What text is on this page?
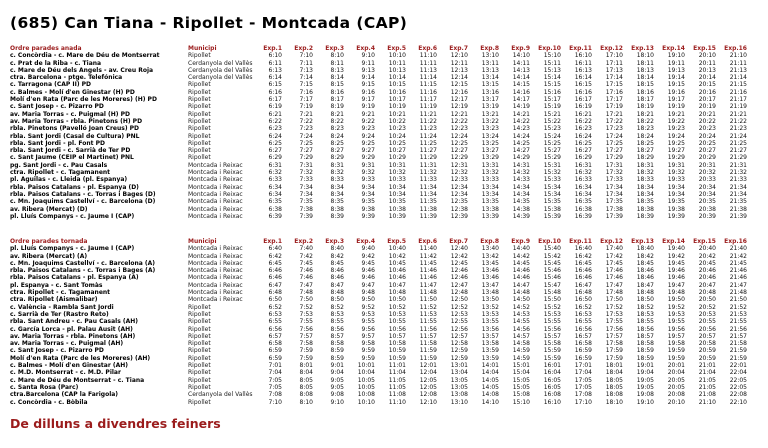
(685) Can Tiana - Ripollet - Montcada (CAP)
Ordre parades anada	Municipi	Exp.1	Exp.2	Exp.3	Exp.4	Exp.5	Exp.6	Exp.7	Exp.8	Exp.9	Exp.10	Exp.11	Exp.12	Exp.13	Exp.14	Exp.15	Exp.16
c. Concòrdia - c. Mare de Déu de Montserrat	Ripollet	6:10	7:10	8:10	9:10	10:10	11:10	12:10	13:10	14:10	15:10	16:10	17:10	18:10	19:10	20:10	21:10
c. Prat de la Riba - c. Tiana	Cerdanyola del Vallès	6:11	7:11	8:11	9:11	10:11	11:11	12:11	13:11	14:11	15:11	16:11	17:11	18:11	19:11	20:11	21:11
c. Mare de Déu dels Àngels - av. Creu Roja	Cerdanyola del Vallès	6:13	7:13	8:13	9:13	10:13	11:13	12:13	13:13	14:13	15:13	16:13	17:13	18:13	19:13	20:13	21:13
ctra. Barcelona - ptge. Telefónica	Cerdanyola del Vallès	6:14	7:14	8:14	9:14	10:14	11:14	12:14	13:14	14:14	15:14	16:14	17:14	18:14	19:14	20:14	21:14
c. Tarragona (CAP II) PD	Ripollet	6:15	7:15	8:15	9:15	10:15	11:15	12:15	13:15	14:15	15:15	16:15	17:15	18:15	19:15	20:15	21:15
c. Balmes - Molí d'en Ginestar (H) PD	Ripollet	6:16	7:16	8:16	9:16	10:16	11:16	12:16	13:16	14:16	15:16	16:16	17:16	18:16	19:16	20:16	21:16
Molí d'en Rata (Parc de les Moreres) (H) PD	Ripollet	6:17	7:17	8:17	9:17	10:17	11:17	12:17	13:17	14:17	15:17	16:17	17:17	18:17	19:17	20:17	21:17
c. Sant Josep - c. Pizarro PD	Ripollet	6:19	7:19	8:19	9:19	10:19	11:19	12:19	13:19	14:19	15:19	16:19	17:19	18:19	19:19	20:19	21:19
av. Maria Torras - c. Puigmal (H) PD	Ripollet	6:21	7:21	8:21	9:21	10:21	11:21	12:21	13:21	14:21	15:21	16:21	17:21	18:21	19:21	20:21	21:21
av. Maria Torras - rbla. Pinetons (H) PD	Ripollet	6:22	7:22	8:22	9:22	10:22	11:22	12:22	13:22	14:22	15:22	16:22	17:22	18:22	19:22	20:22	21:22
rbla. Pinetons (Pavelló Joan Creus) PD	Ripollet	6:23	7:23	8:23	9:23	10:23	11:23	12:23	13:23	14:23	15:23	16:23	17:23	18:23	19:23	20:23	21:23
rbla. Sant Jordi (Casal de Cultura) PNL	Ripollet	6:24	7:24	8:24	9:24	10:24	11:24	12:24	13:24	14:24	15:24	16:24	17:24	18:24	19:24	20:24	21:24
rbla. Sant Jordi - pl. Font PD	Ripollet	6:25	7:25	8:25	9:25	10:25	11:25	12:25	13:25	14:25	15:25	16:25	17:25	18:25	19:25	20:25	21:25
rbla. Sant Jordi - c. Sarrià de Ter PD	Ripollet	6:27	7:27	8:27	9:27	10:27	11:27	12:27	13:27	14:27	15:27	16:27	17:27	18:27	19:27	20:27	21:27
c. Sant Jaume (CEIP el Martinet) PNL	Ripollet	6:29	7:29	8:29	9:29	10:29	11:29	12:29	13:29	14:29	15:29	16:29	17:29	18:29	19:29	20:29	21:29
pg. Sant Jordi - c. Pau Casals	Montcada i Reixac	6:31	7:31	8:31	9:31	10:31	11:31	12:31	13:31	14:31	15:31	16:31	17:31	18:31	19:31	20:31	21:31
ctra. Ripollet - c. Tagamanent	Montcada i Reixac	6:32	7:32	8:32	9:32	10:32	11:32	12:32	13:32	14:32	15:32	16:32	17:32	18:32	19:32	20:32	21:32
pl. Águilas - c. Lleida (pl. Espanya)	Montcada i Reixac	6:33	7:33	8:33	9:33	10:33	11:33	12:33	13:33	14:33	15:33	16:33	17:33	18:33	19:33	20:33	21:33
rbla. Paisos Catalans - pl. Espanya (D)	Montcada i Reixac	6:34	7:34	8:34	9:34	10:34	11:34	12:34	13:34	14:34	15:34	16:34	17:34	18:34	19:34	20:34	21:34
rbla. Paisos Catalans - c. Torras i Bages (D)	Montcada i Reixac	6:34	7:34	8:34	9:34	10:34	11:34	12:34	13:34	14:34	15:34	16:34	17:34	18:34	19:34	20:34	21:34
c. Mn. Joaquims Castellví - c. Barcelona (D)	Montcada i Reixac	6:35	7:35	8:35	9:35	10:35	11:35	12:35	13:35	14:35	15:35	16:35	17:35	18:35	19:35	20:35	21:35
av. Ribera (Mercat) (D)	Montcada i Reixac	6:38	7:38	8:38	9:38	10:38	11:38	12:38	13:38	14:38	15:38	16:38	17:38	18:38	19:38	20:38	21:38
pl. Lluís Companys - c. Jaume I (CAP)	Montcada i Reixac	6:39	7:39	8:39	9:39	10:39	11:39	12:39	13:39	14:39	15:39	16:39	17:39	18:39	19:39	20:39	21:39
Ordre parades tornada	Municipi	Exp.1	Exp.2	Exp.3	Exp.4	Exp.5	Exp.6	Exp.7	Exp.8	Exp.9	Exp.10	Exp.11	Exp.12	Exp.13	Exp.14	Exp.15	Exp.16
pl. Lluís Companys - c. Jaume I (CAP)	Montcada i Reixac	6:40	7:40	8:40	9:40	10:40	11:40	12:40	13:40	14:40	15:40	16:40	17:40	18:40	19:40	20:40	21:40
av. Ribera (Mercat) (A)	Montcada i Reixac	6:42	7:42	8:42	9:42	10:42	11:42	12:42	13:42	14:42	15:42	16:42	17:42	18:42	19:42	20:42	21:42
c. Mn. Joaquims Castellví - c. Barcelona (A)	Montcada i Reixac	6:45	7:45	8:45	9:45	10:45	11:45	12:45	13:45	14:45	15:45	16:45	17:45	18:45	19:45	20:45	21:45
rbla. Paisos Catalans - c. Torras i Bages (A)	Montcada i Reixac	6:46	7:46	8:46	9:46	10:46	11:46	12:46	13:46	14:46	15:46	16:46	17:46	18:46	19:46	20:46	21:46
rbla. Paisos Catalans - pl. Espanya (A)	Montcada i Reixac	6:46	7:46	8:46	9:46	10:46	11:46	12:46	13:46	14:46	15:46	16:46	17:46	18:46	19:46	20:46	21:46
pl. Espanya - c. Sant Tomàs	Montcada i Reixac	6:47	7:47	8:47	9:47	10:47	11:47	12:47	13:47	14:47	15:47	16:47	17:47	18:47	19:47	20:47	21:47
ctra. Ripollet - c. Tagamanent	Montcada i Reixac	6:48	7:48	8:48	9:48	10:48	11:48	12:48	13:48	14:48	15:48	16:48	17:48	18:48	19:48	20:48	21:48
ctra. Ripollet (Aismalibar)	Montcada i Reixac	6:50	7:50	8:50	9:50	10:50	11:50	12:50	13:50	14:50	15:50	16:50	17:50	18:50	19:50	20:50	21:50
c. València - Rambla Sant Jordi	Ripollet	6:52	7:52	8:52	9:52	10:52	11:52	12:52	13:52	14:52	15:52	16:52	17:52	18:52	19:52	20:52	21:52
c. Sarrià de Ter (Rastro Reto)	Ripollet	6:53	7:53	8:53	9:53	10:53	11:53	12:53	13:53	14:53	15:53	16:53	17:53	18:53	19:53	20:53	21:53
rbla. Sant Andreu - c. Pau Casals (AH)	Ripollet	6:55	7:55	8:55	9:55	10:55	11:55	12:55	13:55	14:55	15:55	16:55	17:55	18:55	19:55	20:55	21:55
c. García Lorca - pl. Palau Ausit (AH)	Ripollet	6:56	7:56	8:56	9:56	10:56	11:56	12:56	13:56	14:56	15:56	16:56	17:56	18:56	19:56	20:56	21:56
av. Maria Torras - rbla. Pinetons (AH)	Ripollet	6:57	7:57	8:57	9:57	10:57	11:57	12:57	13:57	14:57	15:57	16:57	17:57	18:57	19:57	20:57	21:57
av. Maria Torras - c. Puigmal (AH)	Ripollet	6:58	7:58	8:58	9:58	10:58	11:58	12:58	13:58	14:58	15:58	16:58	17:58	18:58	19:58	20:58	21:58
c. Sant Josep - c. Pizarro PD	Ripollet	6:59	7:59	8:59	9:59	10:59	11:59	12:59	13:59	14:59	15:59	16:59	17:59	18:59	19:59	20:59	21:59
Molí d'en Rata (Parc de les Moreres) (AH)	Ripollet	6:59	7:59	8:59	9:59	10:59	11:59	12:59	13:59	14:59	15:59	16:59	17:59	18:59	19:59	20:59	21:59
c. Balmes - Molí d'en Ginestar (AH)	Ripollet	7:01	8:01	9:01	10:01	11:01	12:01	13:01	14:01	15:01	16:01	17:01	18:01	19:01	20:01	21:01	22:01
c. M.D. Montserrat - c. M.D. Pilar	Ripollet	7:04	8:04	9:04	10:04	11:04	12:04	13:04	14:04	15:04	16:04	17:04	18:04	19:04	20:04	21:04	22:04
c. Mare de Déu de Montserrat - c. Tiana	Ripollet	7:05	8:05	9:05	10:05	11:05	12:05	13:05	14:05	15:05	16:05	17:05	18:05	19:05	20:05	21:05	22:05
c. Santa Rosa (Parc)	Ripollet	7:05	8:05	9:05	10:05	11:05	12:05	13:05	14:05	15:05	16:05	17:05	18:05	19:05	20:05	21:05	22:05
ctra.Barcelona (CAP la Farigola)	Cerdanyola del Vallès	7:08	8:08	9:08	10:08	11:08	12:08	13:08	14:08	15:08	16:08	17:08	18:08	19:08	20:08	21:08	22:08
c. Concòrdia - c. Bòbila	Ripollet	7:10	8:10	9:10	10:10	11:10	12:10	13:10	14:10	15:10	16:10	17:10	18:10	19:10	20:10	21:10	22:10
De dilluns a divendres feiners
